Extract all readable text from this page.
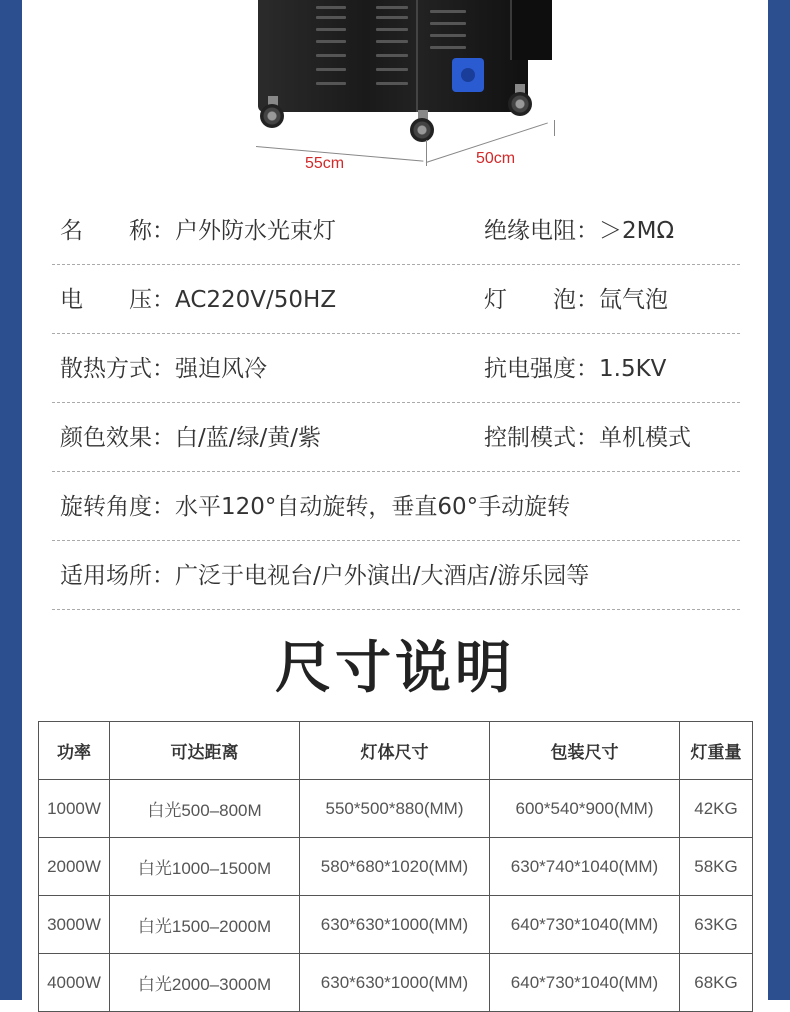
55cm	50cm
名　　称：户外防水光束灯	绝缘电阻：＞2MΩ
电　　压：AC220V/50HZ	灯　　泡：氙气泡
散热方式：强迫风冷	抗电强度：1.5KV
颜色效果：白/蓝/绿/黄/紫	控制模式：单机模式
旋转角度：水平120°自动旋转，垂直60°手动旋转
适用场所：广泛于电视台/户外演出/大酒店/游乐园等
尺寸说明
功率	可达距离	灯体尺寸	包装尺寸	灯重量
1000W	白光500–800M	550*500*880(MM)	600*540*900(MM)	42KG
2000W	白光1000–1500M	580*680*1020(MM)	630*740*1040(MM)	58KG
3000W	白光1500–2000M	630*630*1000(MM)	640*730*1040(MM)	63KG
4000W	白光2000–3000M	630*630*1000(MM)	640*730*1040(MM)	68KG
